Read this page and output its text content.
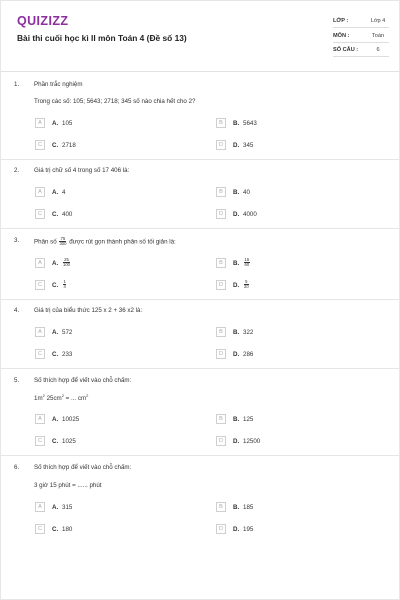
QUIZIZZ
Bài thi cuối học kì II môn Toán 4 (Đề số 13)
LỚP :	Lớp 4
MÔN :	Toán
SỐ CÂU :	6
1. Phần trắc nghiệm
Trong các số: 105; 5643; 2718; 345 số nào chia hết cho 2?
A	A. 105	B	B. 5643
C	C. 2718	D	D. 345
2. Giá trị chữ số 4 trong số 17 406 là:
A	A. 4	B	B. 40
C	C. 400	D	D. 4000
3. Phân số $\frac{75}{300}$ được rút gọn thành phân số tối giản là:
A	A. $\frac{25}{100}$	B	B. $\frac{15}{60}$
C	C. $\frac{1}{4}$	D	D. $\frac{5}{20}$
4. Giá trị của biểu thức 125 x 2 + 36 x2 là:
A	A. 572	B	B. 322
C	C. 233	D	D. 286
5. Số thích hợp để viết vào chỗ chấm:
$1m^2$ $25cm^2$ = ... $cm^2$
A	A. 10025	B	B. 125
C	C. 1025	D	D. 12500
6. Số thích hợp để viết vào chỗ chấm:
3 giờ 15 phút = ...... phút
A	A. 315	B	B. 185
C	C. 180	D	D. 195
